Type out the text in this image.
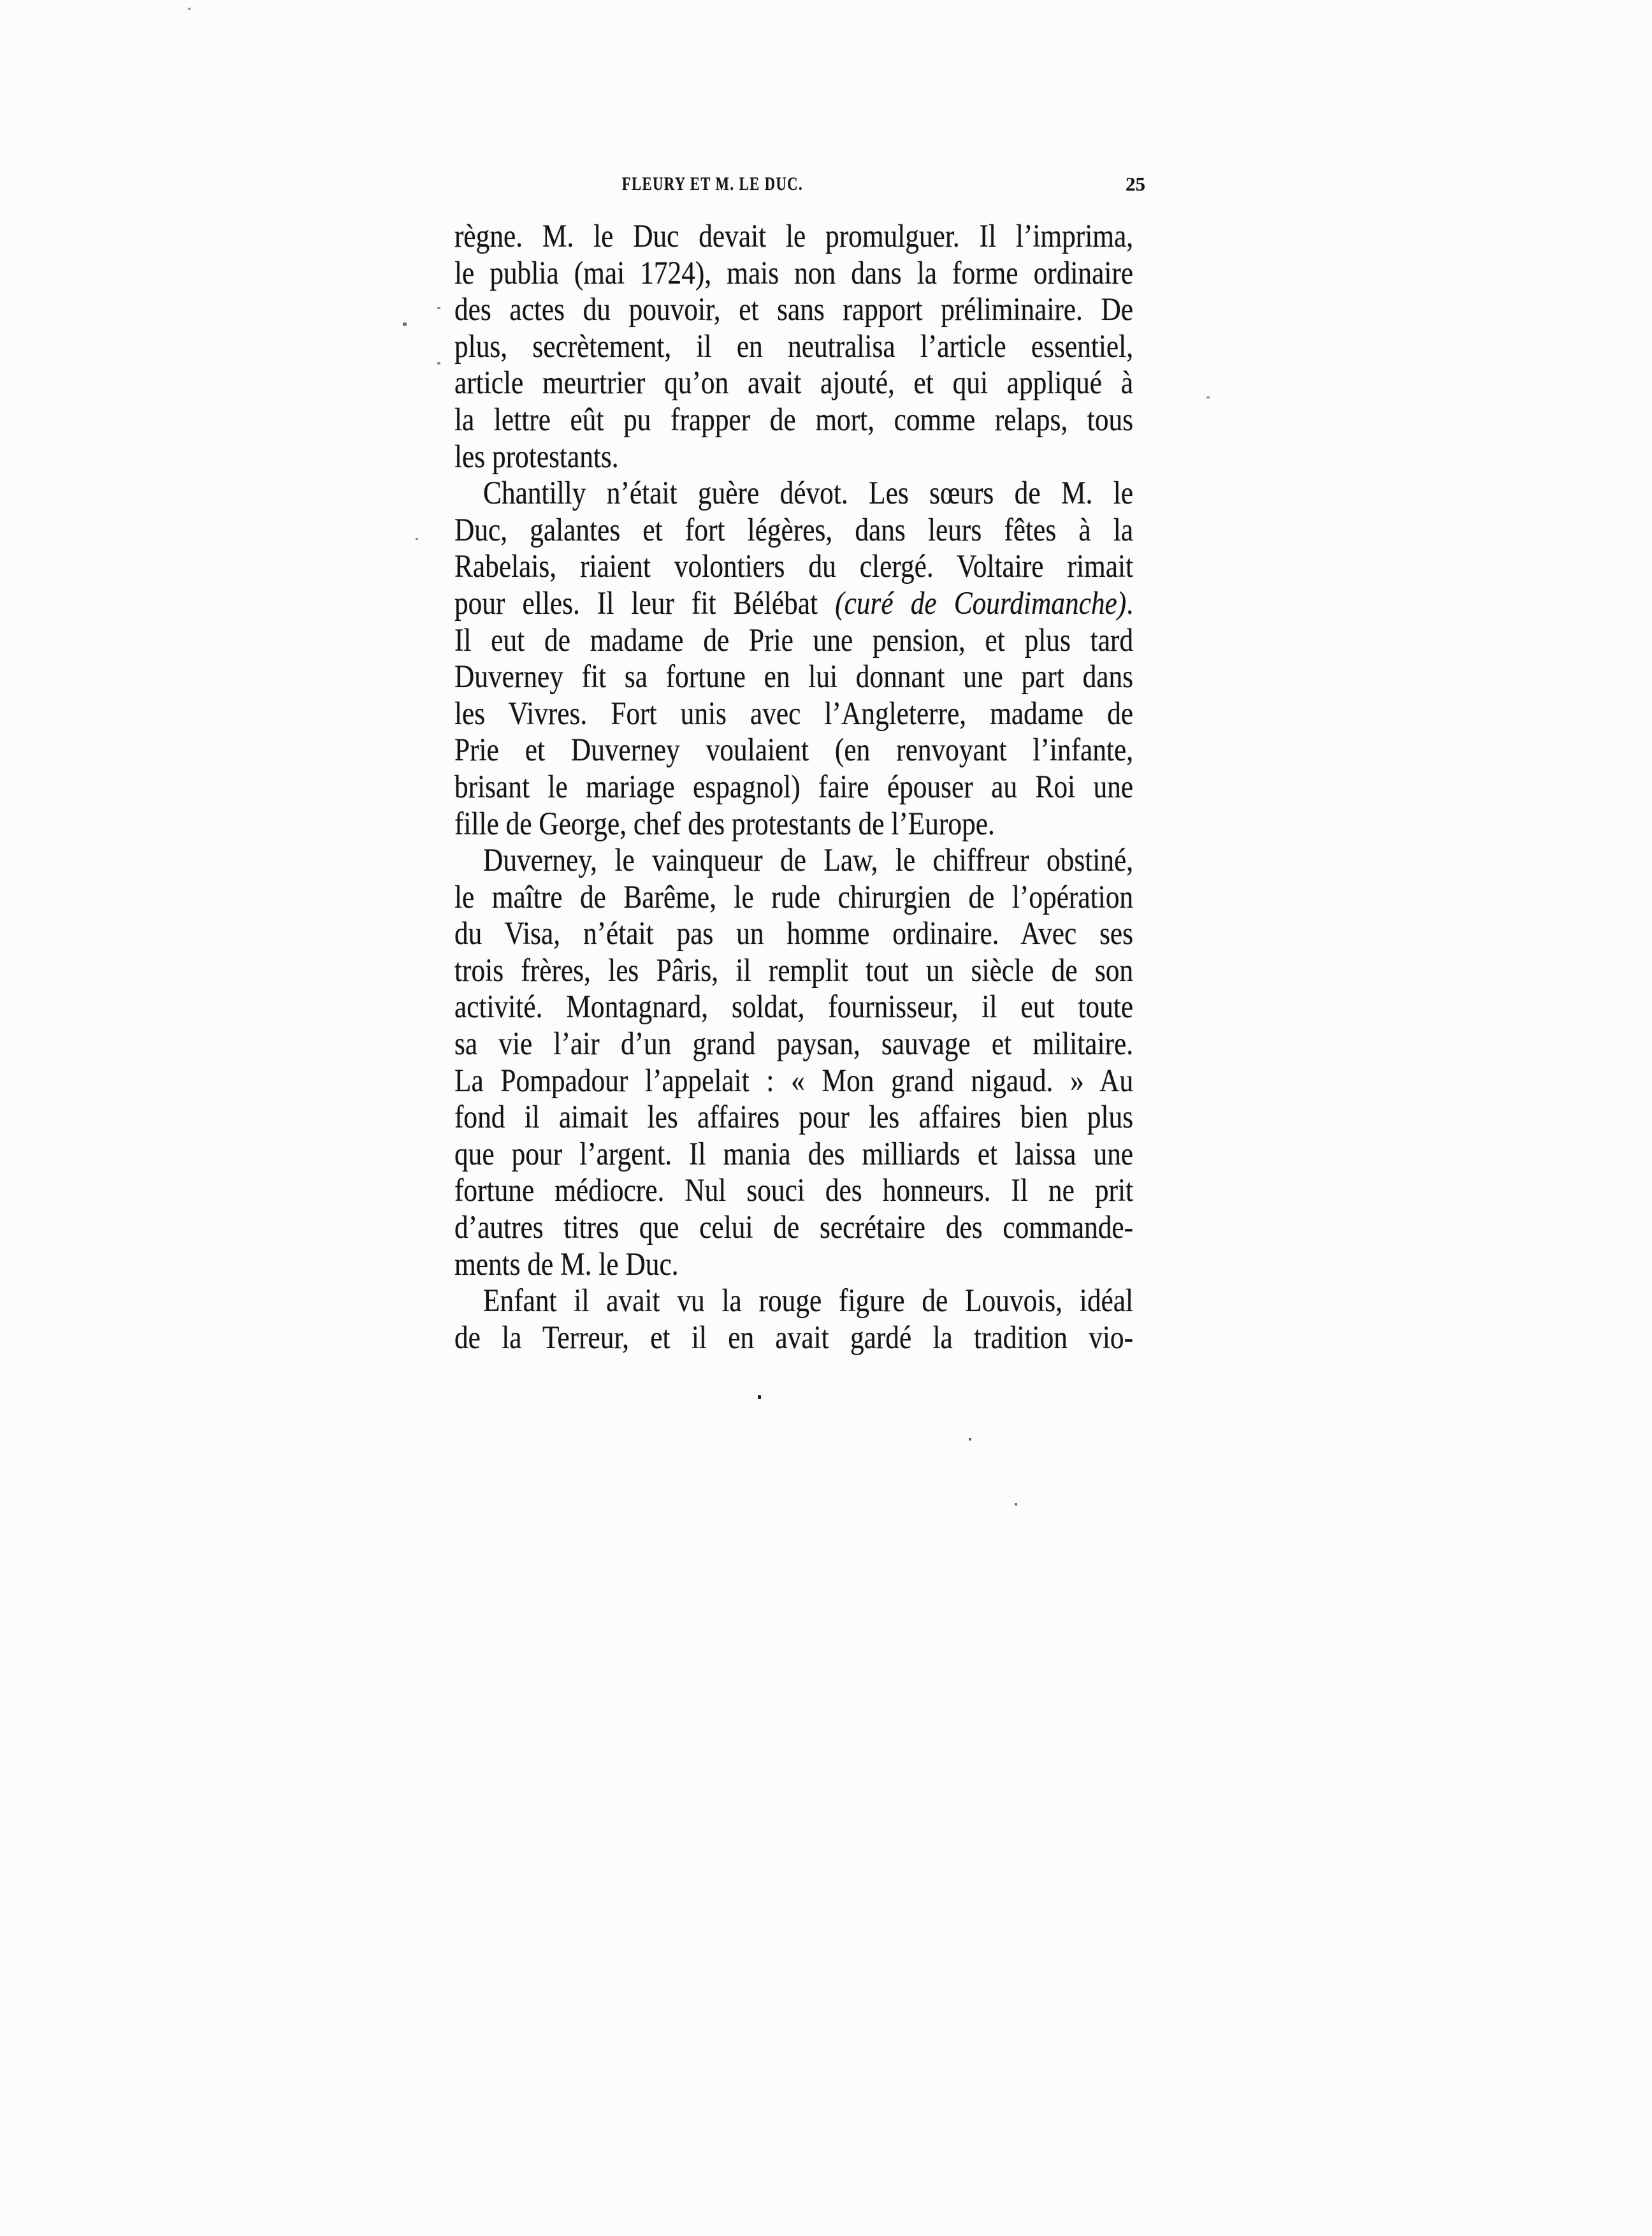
FLEURY ET M. LE DUC.	25
règne. M. le Duc devait le promulguer. Il l’imprima,
le publia (mai 1724), mais non dans la forme ordinaire
des actes du pouvoir, et sans rapport préliminaire. De
plus, secrètement, il en neutralisa l’article essentiel,
article meurtrier qu’on avait ajouté, et qui appliqué à
la lettre eût pu frapper de mort, comme relaps, tous
les protestants.
Chantilly n’était guère dévot. Les sœurs de M. le
Duc, galantes et fort légères, dans leurs fêtes à la
Rabelais, riaient volontiers du clergé. Voltaire rimait
pour elles. Il leur fit Bélébat (curé de Courdimanche).
Il eut de madame de Prie une pension, et plus tard
Duverney fit sa fortune en lui donnant une part dans
les Vivres. Fort unis avec l’Angleterre, madame de
Prie et Duverney voulaient (en renvoyant l’infante,
brisant le mariage espagnol) faire épouser au Roi une
fille de George, chef des protestants de l’Europe.
Duverney, le vainqueur de Law, le chiffreur obstiné,
le maître de Barême, le rude chirurgien de l’opération
du Visa, n’était pas un homme ordinaire. Avec ses
trois frères, les Pâris, il remplit tout un siècle de son
activité. Montagnard, soldat, fournisseur, il eut toute
sa vie l’air d’un grand paysan, sauvage et militaire.
La Pompadour l’appelait : « Mon grand nigaud. » Au
fond il aimait les affaires pour les affaires bien plus
que pour l’argent. Il mania des milliards et laissa une
fortune médiocre. Nul souci des honneurs. Il ne prit
d’autres titres que celui de secrétaire des commande-
ments de M. le Duc.
Enfant il avait vu la rouge figure de Louvois, idéal
de la Terreur, et il en avait gardé la tradition vio-
